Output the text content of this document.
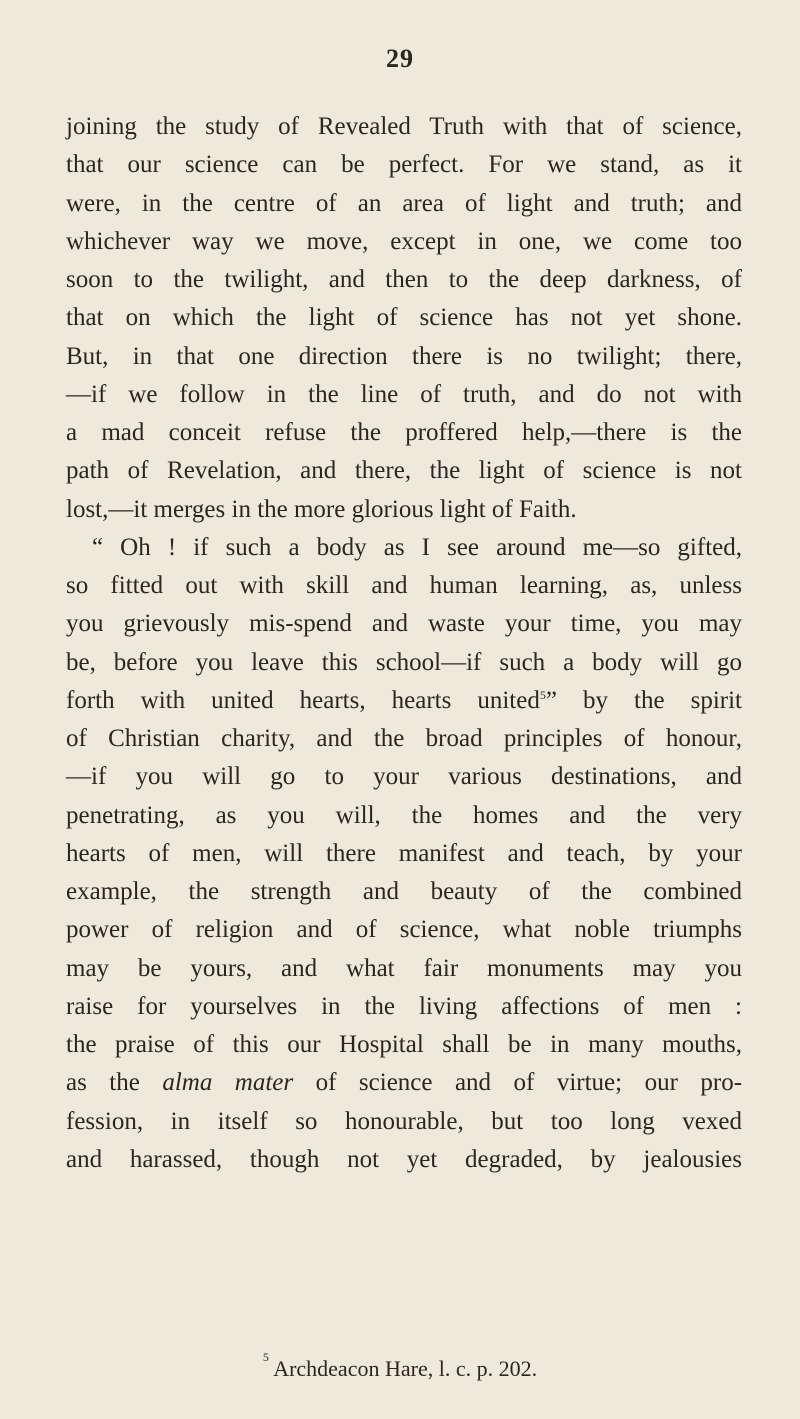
29
joining the study of Revealed Truth with that of science,
that our science can be perfect. For we stand, as it
were, in the centre of an area of light and truth; and
whichever way we move, except in one, we come too
soon to the twilight, and then to the deep darkness, of
that on which the light of science has not yet shone.
But, in that one direction there is no twilight; there,
—if we follow in the line of truth, and do not with
a mad conceit refuse the proffered help,—there is the
path of Revelation, and there, the light of science is not
lost,—it merges in the more glorious light of Faith.
“ Oh ! if such a body as I see around me—so gifted,
so fitted out with skill and human learning, as, unless
you grievously mis-spend and waste your time, you may
be, before you leave this school—if such a body will go
forth with united hearts, hearts united$^5$” by the spirit
of Christian charity, and the broad principles of honour,
—if you will go to your various destinations, and
penetrating, as you will, the homes and the very
hearts of men, will there manifest and teach, by your
example, the strength and beauty of the combined
power of religion and of science, what noble triumphs
may be yours, and what fair monuments may you
raise for yourselves in the living affections of men :
the praise of this our Hospital shall be in many mouths,
as the alma mater of science and of virtue; our pro-
fession, in itself so honourable, but too long vexed
and harassed, though not yet degraded, by jealousies
$^5$ Archdeacon Hare, l. c. p. 202.
